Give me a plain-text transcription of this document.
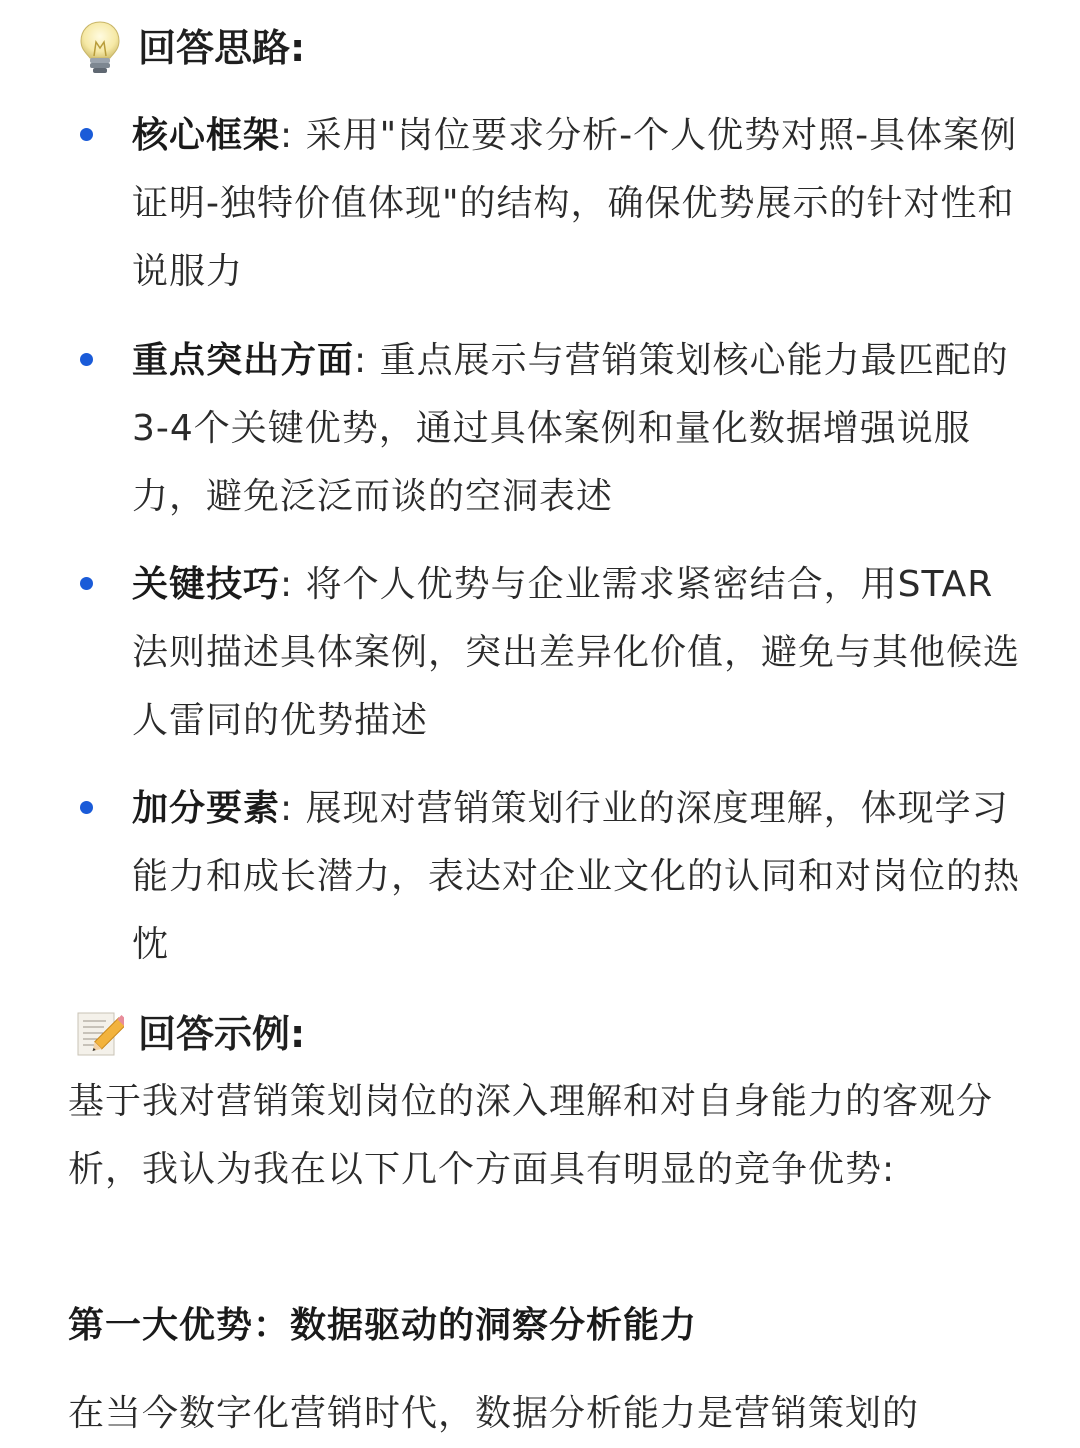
回答思路:
核心框架: 采用"岗位要求分析-个人优势对照-具体案例证明-独特价值体现"的结构，确保优势展示的针对性和说服力
重点突出方面: 重点展示与营销策划核心能力最匹配的3-4个关键优势，通过具体案例和量化数据增强说服力，避免泛泛而谈的空洞表述
关键技巧: 将个人优势与企业需求紧密结合，用STAR法则描述具体案例，突出差异化价值，避免与其他候选人雷同的优势描述
加分要素: 展现对营销策划行业的深度理解，体现学习能力和成长潜力，表达对企业文化的认同和对岗位的热忱
回答示例:
基于我对营销策划岗位的深入理解和对自身能力的客观分析，我认为我在以下几个方面具有明显的竞争优势:
第一大优势：数据驱动的洞察分析能力
在当今数字化营销时代，数据分析能力是营销策划的
